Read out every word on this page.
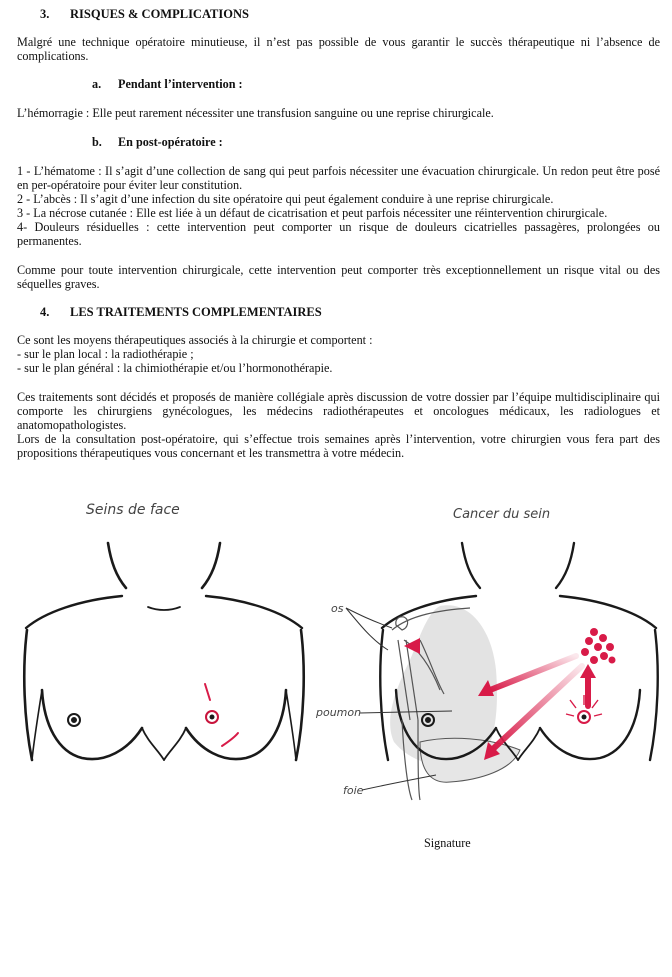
3. RISQUES & COMPLICATIONS

Malgré une technique opératoire minutieuse, il n’est pas possible de vous garantir le succès thérapeutique ni l’absence de complications.

a. Pendant l’intervention :

L’hémorragie : Elle peut rarement nécessiter une transfusion sanguine ou une reprise chirurgicale.

b. En post-opératoire :
1 - L’hématome : Il s’agit d’une collection de sang qui peut parfois nécessiter une évacuation chirurgicale. Un redon peut être posé en per-opératoire pour éviter leur constitution.
2 - L’abcès : Il s’agit d’une infection du site opératoire qui peut également conduire à une reprise chirurgicale.
3 - La nécrose cutanée : Elle est liée à un défaut de cicatrisation et peut parfois nécessiter une réintervention chirurgicale.
4- Douleurs résiduelles : cette intervention peut comporter un risque de douleurs cicatrielles passagères, prolongées ou permanentes.

Comme pour toute intervention chirurgicale, cette intervention peut comporter très exceptionnellement un risque vital ou des séquelles graves.

4. LES TRAITEMENTS COMPLEMENTAIRES
Ce sont les moyens thérapeutiques associés à la chirurgie et comportent :
- sur le plan local : la radiothérapie ;
- sur le plan général : la chimiothérapie et/ou l’hormonothérapie.
Ces traitements sont décidés et proposés de manière collégiale après discussion de votre dossier par l’équipe multidisciplinaire qui comporte les chirurgiens gynécologues, les médecins radiothérapeutes et oncologues médicaux, les radiologues et anatomopathologistes.
Lors de la consultation post-opératoire, qui s’effectue trois semaines après l’intervention, votre chirurgien vous fera part des propositions thérapeutiques vous concernant et les transmettra à votre médecin.
Seins de face	Cancer du sein
os
poumon
foie
Signature
